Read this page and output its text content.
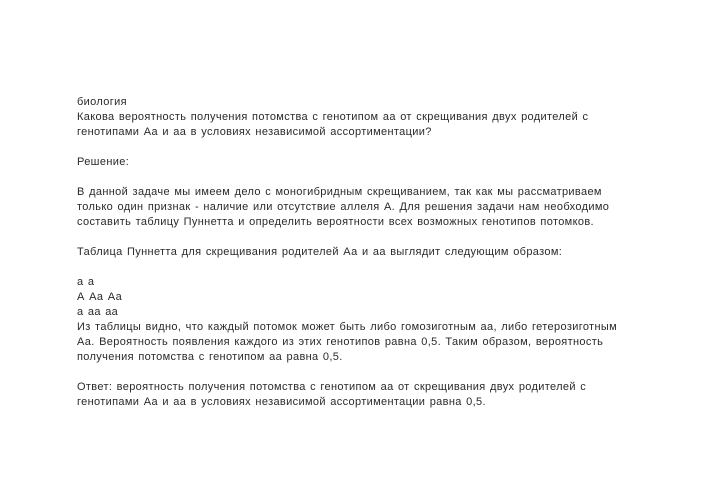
биология
Какова вероятность получения потомства с генотипом аа от скрещивания двух родителей с
генотипами Аа и аа в условиях независимой ассортиментации?
Решение:
В данной задаче мы имеем дело с моногибридным скрещиванием, так как мы рассматриваем
только один признак - наличие или отсутствие аллеля А. Для решения задачи нам необходимо
составить таблицу Пуннетта и определить вероятности всех возможных генотипов потомков.
Таблица Пуннетта для скрещивания родителей Аа и аа выглядит следующим образом:
а а
А Аа Аа
а аа аа
Из таблицы видно, что каждый потомок может быть либо гомозиготным аа, либо гетерозиготным
Аа. Вероятность появления каждого из этих генотипов равна 0,5. Таким образом, вероятность
получения потомства с генотипом аа равна 0,5.
Ответ: вероятность получения потомства с генотипом аа от скрещивания двух родителей с
генотипами Аа и аа в условиях независимой ассортиментации равна 0,5.
